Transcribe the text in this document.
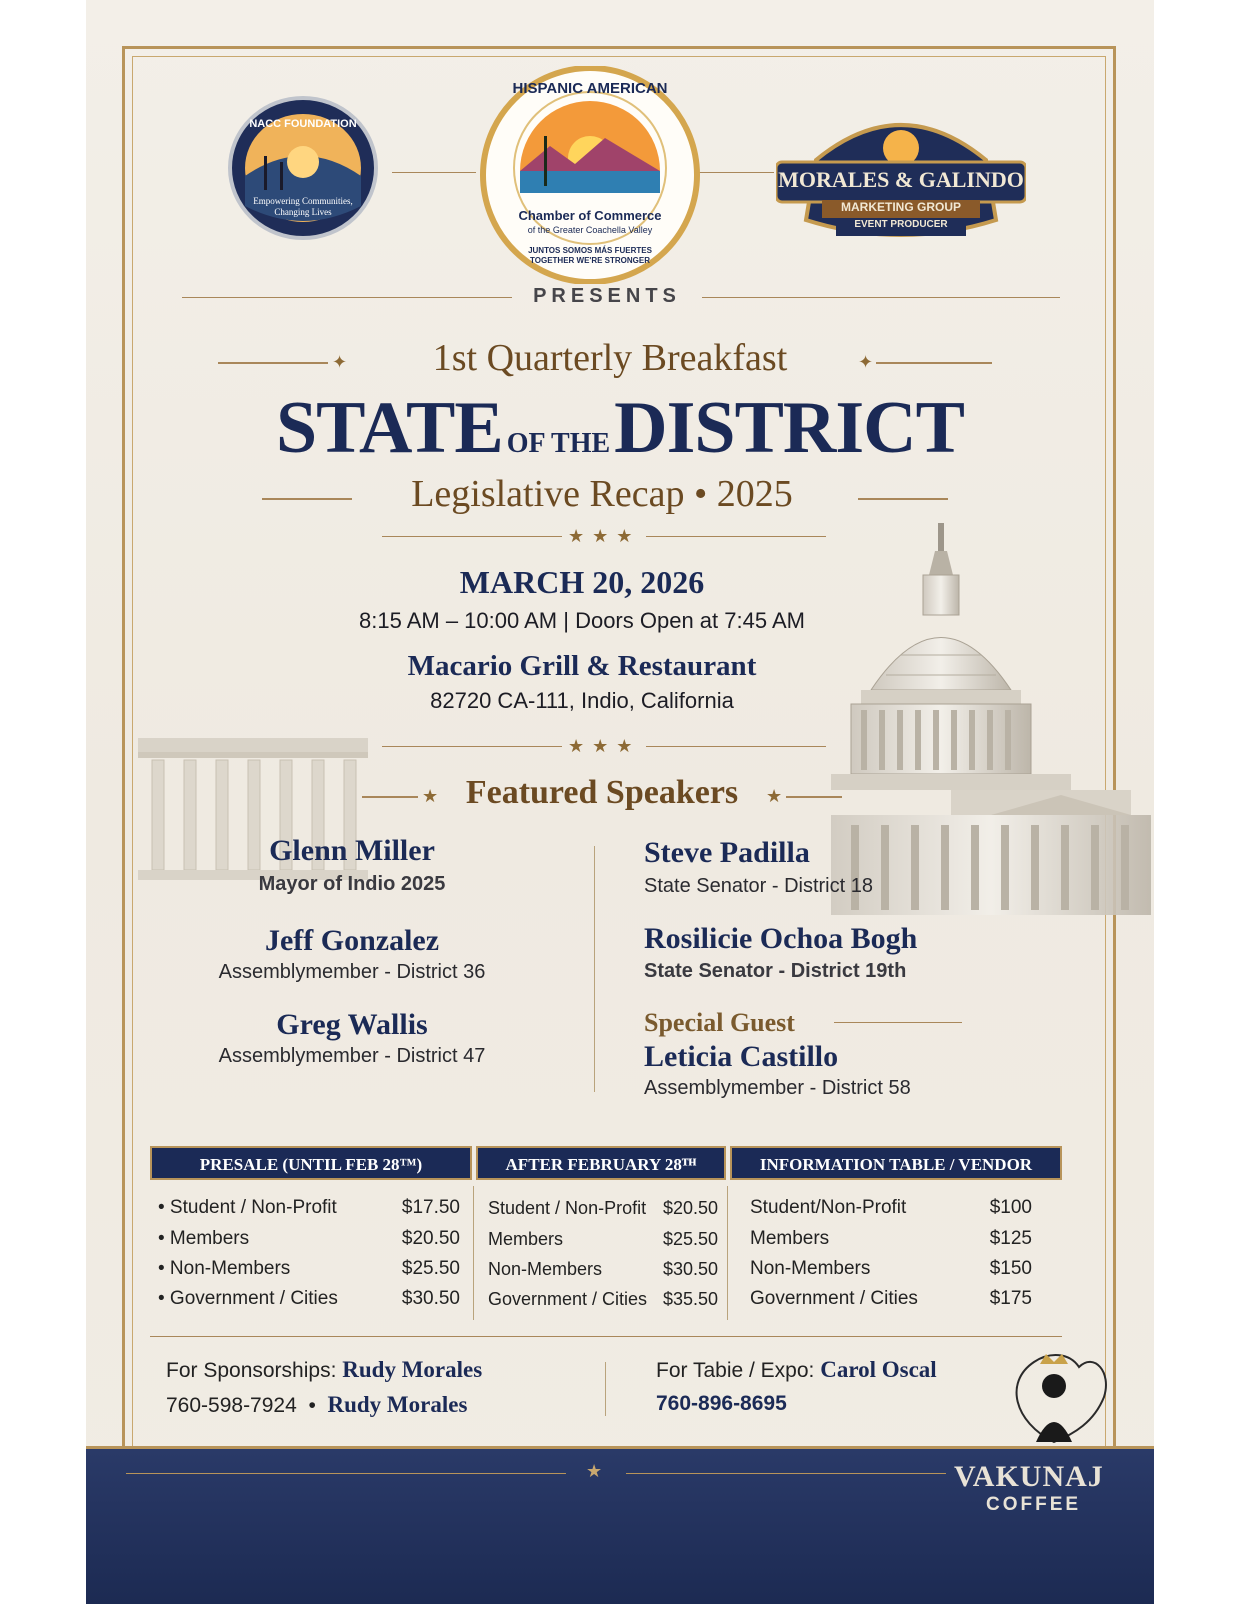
NACC FOUNDATION
Empowering Communities, Changing Lives
HISPANIC AMERICAN
Chamber of Commerce
of the Greater Coachella Valley
JUNTOS SOMOS MÁS FUERTES
TOGETHER WE'RE STRONGER
MORALES & GALINDO
MARKETING GROUP
EVENT PRODUCER
PRESENTS
✦	1st Quarterly Breakfast	✦
STATE OF THE DISTRICT
Legislative Recap • 2025
★★★
MARCH 20, 2026
8:15 AM – 10:00 AM | Doors Open at 7:45 AM
Macario Grill & Restaurant
82720 CA-111, Indio, California
★★★
★ Featured Speakers	★
Glenn Miller
Mayor of Indio 2025
Jeff Gonzalez
Assemblymember - District 36
Greg Wallis
Assemblymember - District 47
Steve Padilla
State Senator - District 18
Rosilicie Ochoa Bogh
State Senator - District 19th
Special Guest
Leticia Castillo
Assemblymember - District 58
PRESALE (UNTIL FEB 28™)	AFTER FEBRUARY 28ᵀᴴ	INFORMATION TABLE / VENDOR
• Student / Non-Profit	$17.50
• Members	$20.50
• Non-Members	$25.50
• Government / Cities	$30.50
Student / Non-Profit $20.50
Members	$25.50
Non-Members	$30.50
Government / Cities $35.50
Student/Non-Profit	$100
Members	$125
Non-Members	$150
Government / Cities	$175
For Sponsorships: Rudy Morales
760-598-7924 • Rudy Morales
For Tabie / Expo: Carol Oscal
760-896-8695
★	VAKUNAJ
COFFEE
